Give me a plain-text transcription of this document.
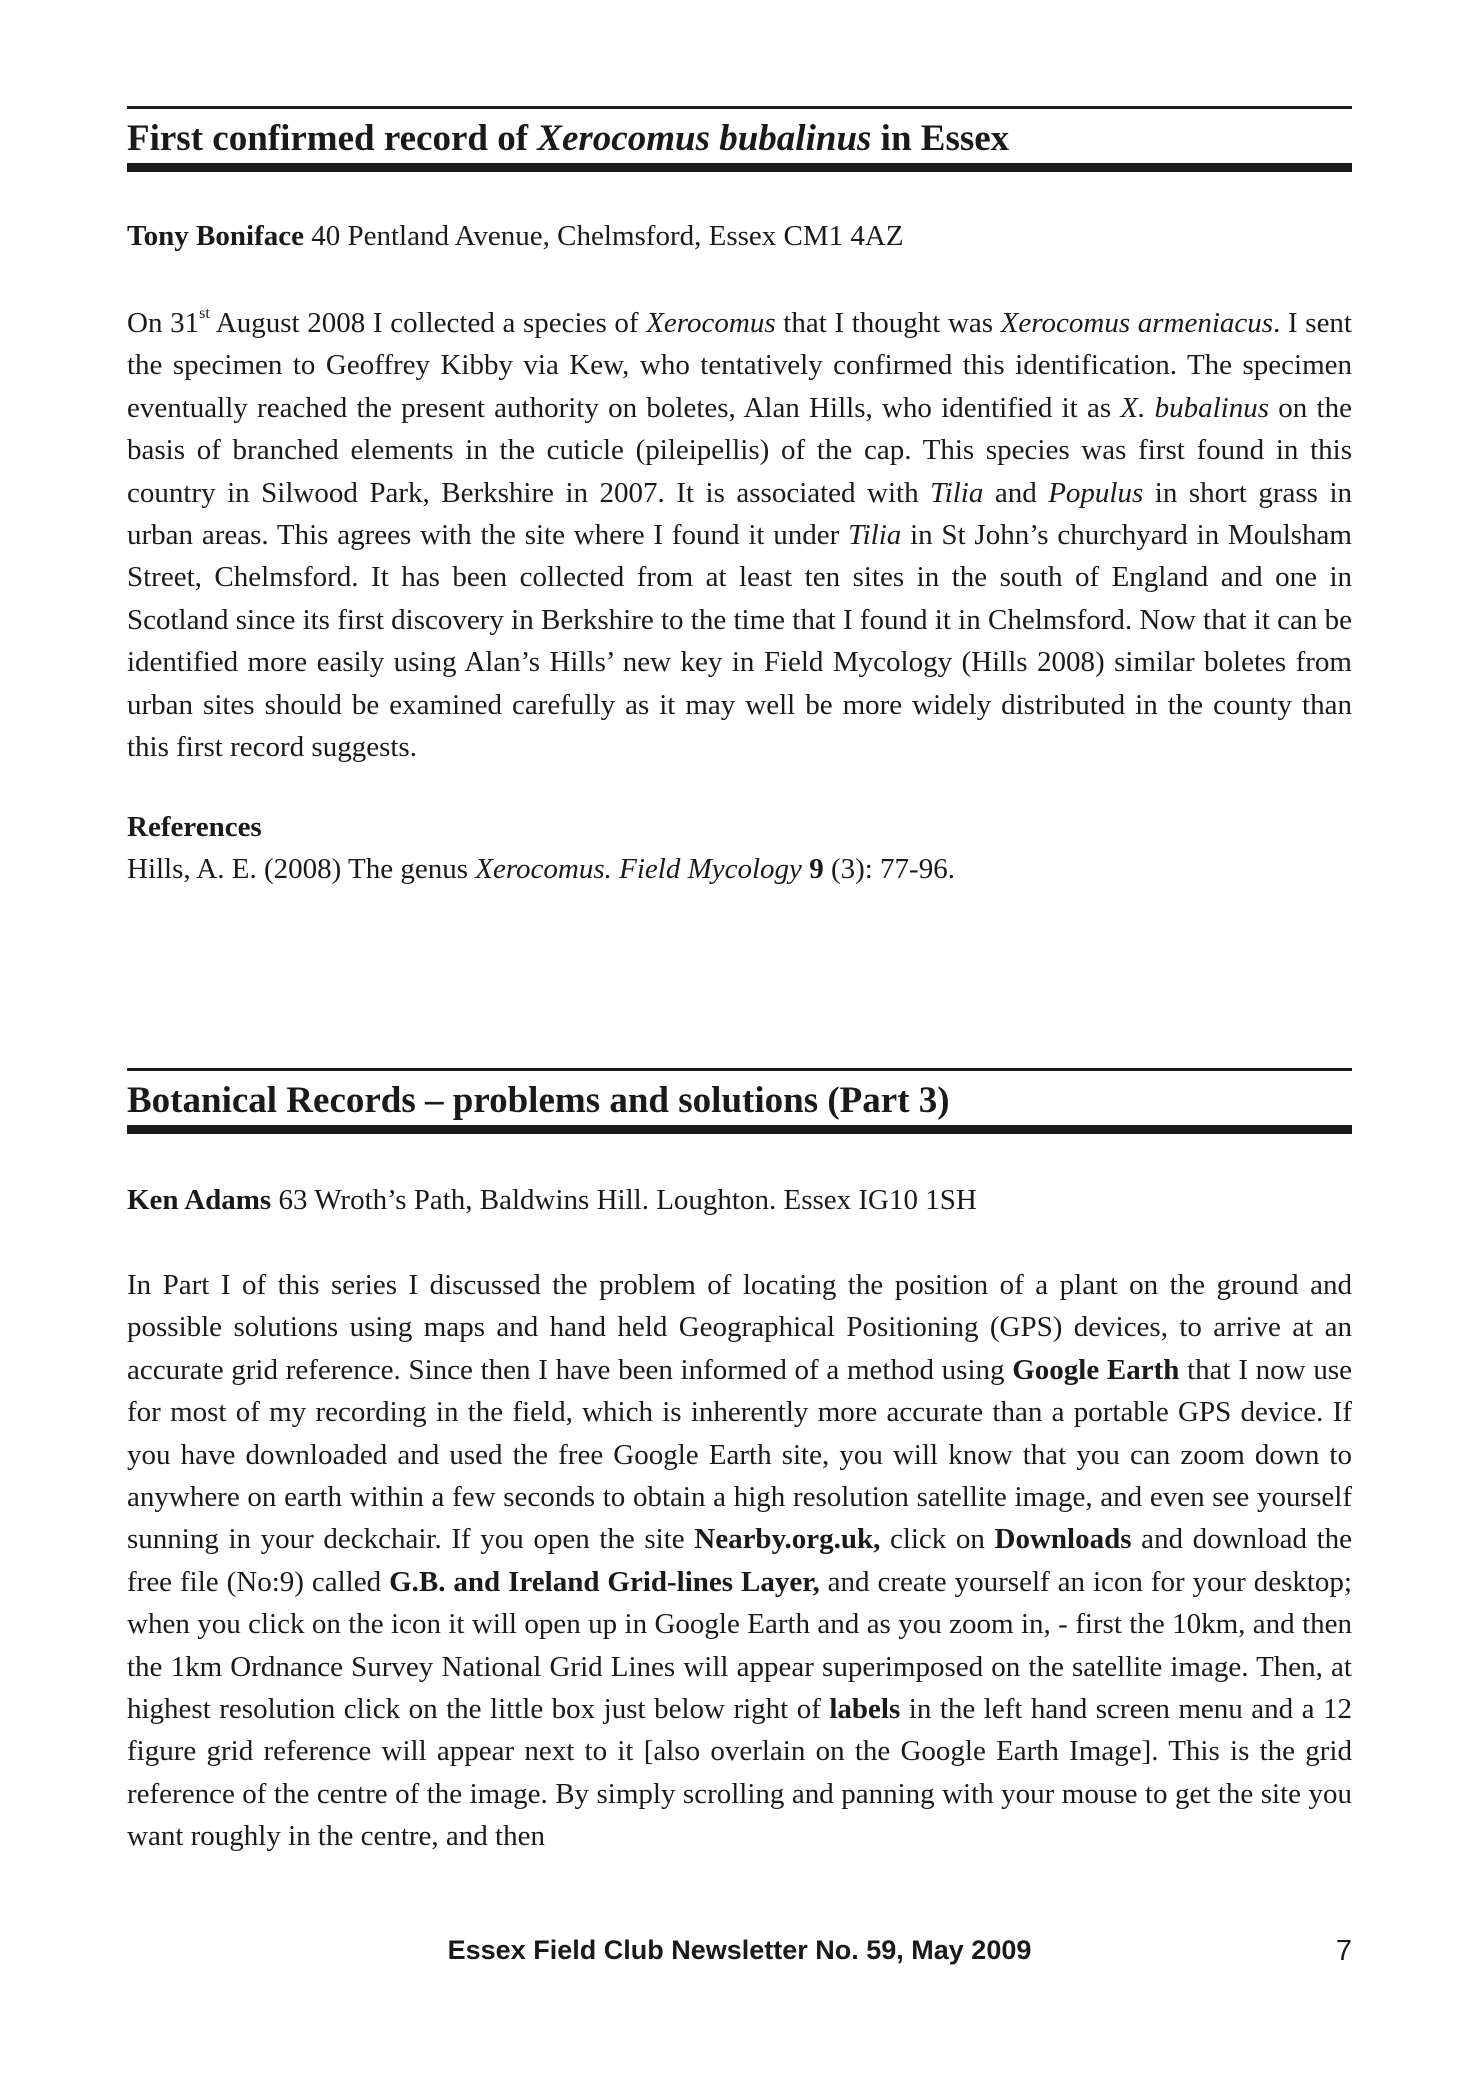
First confirmed record of Xerocomus bubalinus in Essex

Tony Boniface 40 Pentland Avenue, Chelmsford, Essex CM1 4AZ

On 31st August 2008 I collected a species of Xerocomus that I thought was Xerocomus armeniacus. I sent the specimen to Geoffrey Kibby via Kew, who tentatively confirmed this identification. The specimen eventually reached the present authority on boletes, Alan Hills, who identified it as X. bubalinus on the basis of branched elements in the cuticle (pileipellis) of the cap. This species was first found in this country in Silwood Park, Berkshire in 2007. It is associated with Tilia and Populus in short grass in urban areas. This agrees with the site where I found it under Tilia in St John’s churchyard in Moulsham Street, Chelmsford. It has been collected from at least ten sites in the south of England and one in Scotland since its first discovery in Berkshire to the time that I found it in Chelmsford. Now that it can be identified more easily using Alan’s Hills’ new key in Field Mycology (Hills 2008) similar boletes from urban sites should be examined carefully as it may well be more widely distributed in the county than this first record suggests.

References

Hills, A. E. (2008) The genus Xerocomus. Field Mycology 9 (3): 77-96.

Botanical Records – problems and solutions (Part 3)

Ken Adams 63 Wroth’s Path, Baldwins Hill. Loughton. Essex IG10 1SH

In Part I of this series I discussed the problem of locating the position of a plant on the ground and possible solutions using maps and hand held Geographical Positioning (GPS) devices, to arrive at an accurate grid reference. Since then I have been informed of a method using Google Earth that I now use for most of my recording in the field, which is inherently more accurate than a portable GPS device. If you have downloaded and used the free Google Earth site, you will know that you can zoom down to anywhere on earth within a few seconds to obtain a high resolution satellite image, and even see yourself sunning in your deckchair. If you open the site Nearby.org.uk, click on Downloads and download the free file (No:9) called G.B. and Ireland Grid-lines Layer, and create yourself an icon for your desktop; when you click on the icon it will open up in Google Earth and as you zoom in, - first the 10km, and then the 1km Ordnance Survey National Grid Lines will appear superimposed on the satellite image. Then, at highest resolution click on the little box just below right of labels in the left hand screen menu and a 12 figure grid reference will appear next to it [also overlain on the Google Earth Image]. This is the grid reference of the centre of the image. By simply scrolling and panning with your mouse to get the site you want roughly in the centre, and then

Essex Field Club Newsletter No. 59, May 2009	7
